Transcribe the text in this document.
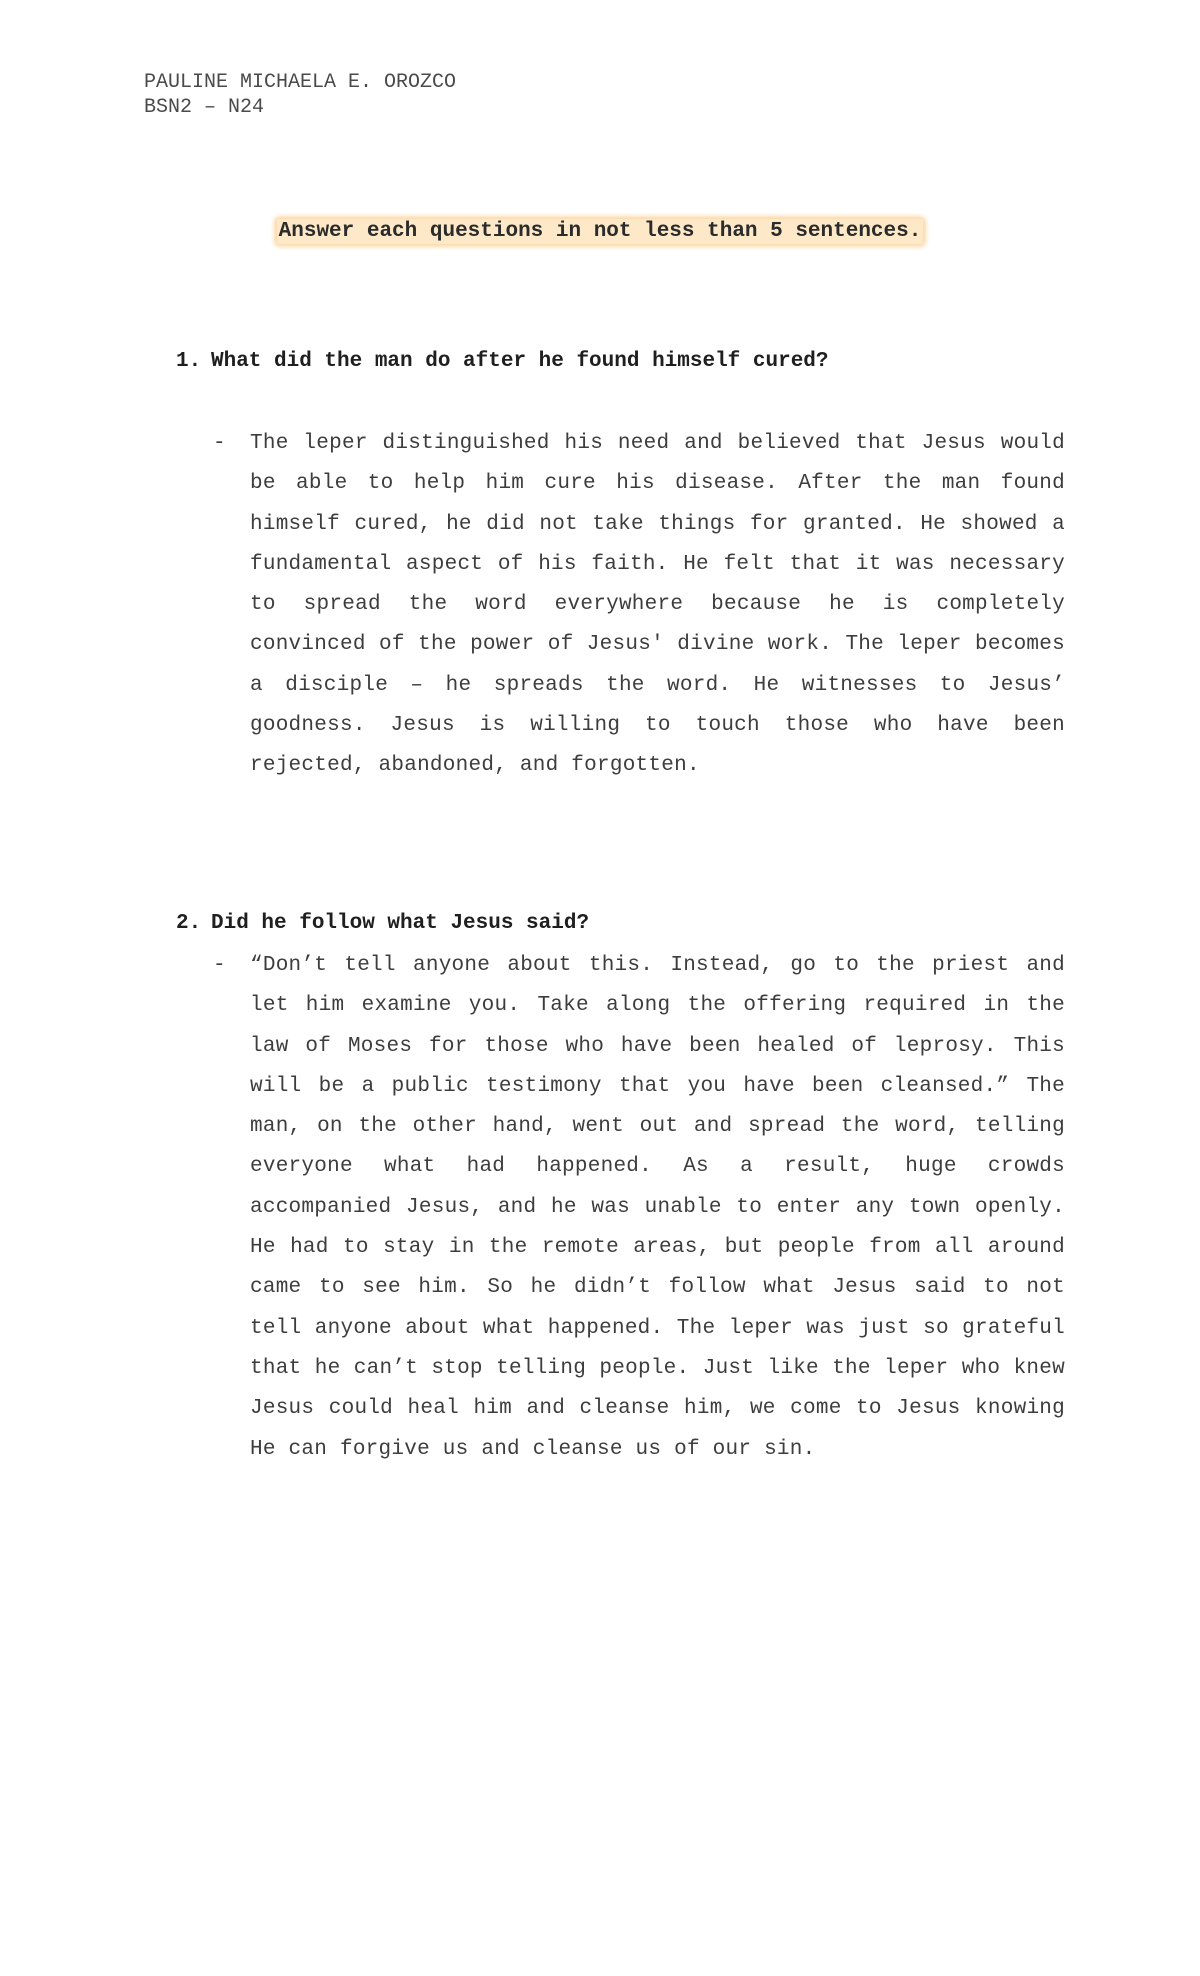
PAULINE MICHAELA E. OROZCO
BSN2 – N24
Answer each questions in not less than 5 sentences.
1. What did the man do after he found himself cured?
- The leper distinguished his need and believed that Jesus would be able to help him cure his disease. After the man found himself cured, he did not take things for granted. He showed a fundamental aspect of his faith. He felt that it was necessary to spread the word everywhere because he is completely convinced of the power of Jesus' divine work. The leper becomes a disciple – he spreads the word. He witnesses to Jesus’ goodness. Jesus is willing to touch those who have been rejected, abandoned, and forgotten.

2. Did he follow what Jesus said?
- “Don’t tell anyone about this. Instead, go to the priest and let him examine you. Take along the offering required in the law of Moses for those who have been healed of leprosy. This will be a public testimony that you have been cleansed.” The man, on the other hand, went out and spread the word, telling everyone what had happened. As a result, huge crowds accompanied Jesus, and he was unable to enter any town openly. He had to stay in the remote areas, but people from all around came to see him. So he didn’t follow what Jesus said to not tell anyone about what happened. The leper was just so grateful that he can’t stop telling people. Just like the leper who knew Jesus could heal him and cleanse him, we come to Jesus knowing He can forgive us and cleanse us of our sin.
